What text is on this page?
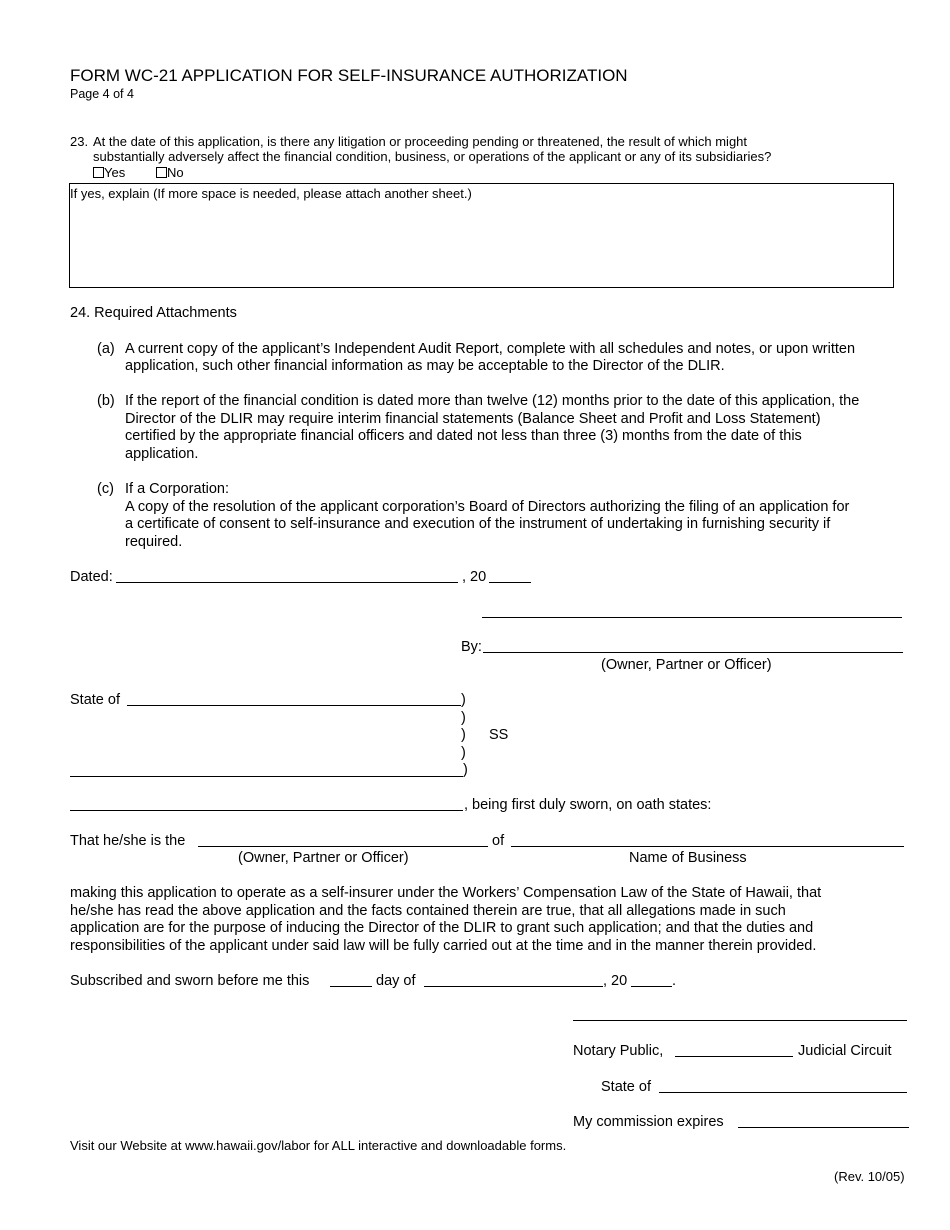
FORM WC-21 APPLICATION FOR SELF-INSURANCE AUTHORIZATION
Page 4 of 4
23. At the date of this application, is there any litigation or proceeding pending or threatened, the result of which might
substantially adversely affect the financial condition, business, or operations of the applicant or any of its subsidiaries?
Yes	No
If yes, explain (If more space is needed, please attach another sheet.)
24. Required Attachments
(a) A current copy of the applicant’s Independent Audit Report, complete with all schedules and notes, or upon written
application, such other financial information as may be acceptable to the Director of the DLIR.
(b) If the report of the financial condition is dated more than twelve (12) months prior to the date of this application, the
Director of the DLIR may require interim financial statements (Balance Sheet and Profit and Loss Statement)
certified by the appropriate financial officers and dated not less than three (3) months from the date of this
application.
(c) If a Corporation:
A copy of the resolution of the applicant corporation’s Board of Directors authorizing the filing of an application for
a certificate of consent to self-insurance and execution of the instrument of undertaking in furnishing security if
required.
Dated:	, 20
By:
(Owner, Partner or Officer)
State of	)
)
) SS
)
)
, being first duly sworn, on oath states:
That he/she is the	of
(Owner, Partner or Officer)	Name of Business
making this application to operate as a self-insurer under the Workers’ Compensation Law of the State of Hawaii, that
he/she has read the above application and the facts contained therein are true, that all allegations made in such
application are for the purpose of inducing the Director of the DLIR to grant such application; and that the duties and
responsibilities of the applicant under said law will be fully carried out at the time and in the manner therein provided.
Subscribed and sworn before me this	day of	, 20	.
Notary Public,	Judicial Circuit
State of
My commission expires
Visit our Website at www.hawaii.gov/labor for ALL interactive and downloadable forms.
(Rev. 10/05)
